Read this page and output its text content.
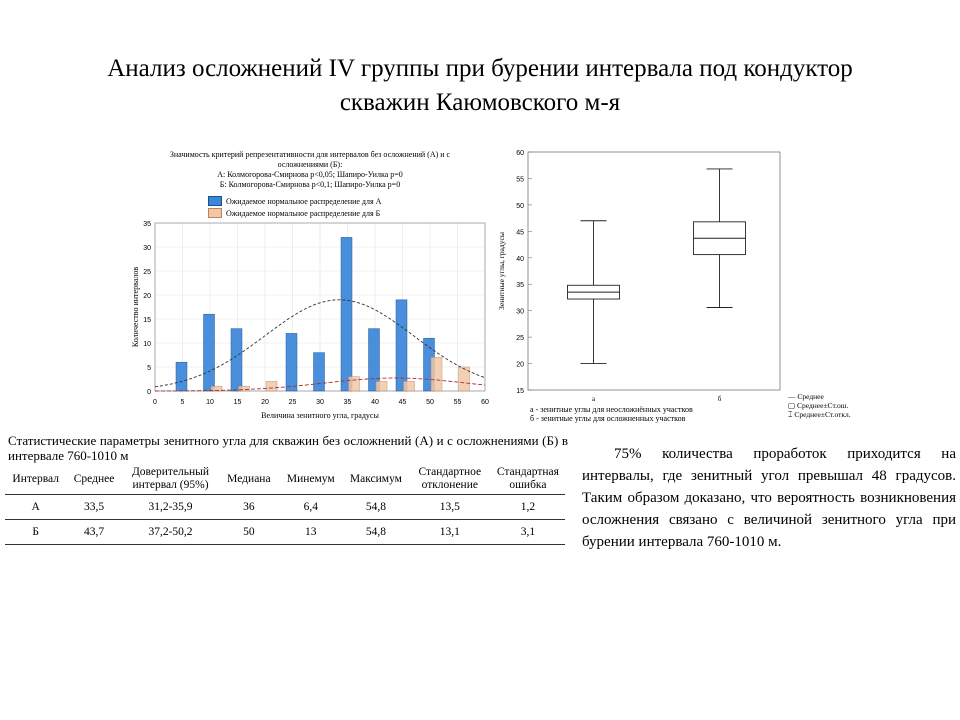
Анализ осложнений IV группы при бурении интервала под кондуктор скважин Каюмовского м-я
Значимость критерий репрезентативности для интервалов без осложнений (А) и с
осложнениями (Б):
А: Колмогорова-Смирнова p<0,05; Шапиро-Уилка p=0
Б: Колмогорова-Смирнова p<0,1; Шапиро-Уилка p=0
Ожидаемое нормальное распределение для А
Ожидаемое нормальное распределение для Б
0
5
10
15
20
25
30
35
0	5	10	15	20	25	30	35	40	45	50	55	60
Величина зенитного угла, градусы
Количество интервалов
15
20
25
30
35
40
45
50
55
60
а	б
Зенитные углы, градусы
а - зенитные углы для неосложнённых участков
б - зенитные углы для осложненных участков
— Среднее
▢ Среднее±Ст.ош.
⌶ Среднее±Ст.откл.
Статистические параметры зенитного угла для скважин без осложнений (А) и с осложнениями (Б) в интервале 760-1010 м
Интервал	Среднее	Доверительный интервал (95%)	Медиана	Минемум	Максимум	Стандартное отклонение	Стандартная ошибка
А	33,5	31,2-35,9	36	6,4	54,8	13,5	1,2
Б	43,7	37,2-50,2	50	13	54,8	13,1	3,1
75% количества проработок приходится на интервалы, где зенитный угол превышал 48 градусов. Таким образом доказано, что вероятность возникновения осложнения связано с величиной зенитного угла при бурении интервала 760-1010 м.
